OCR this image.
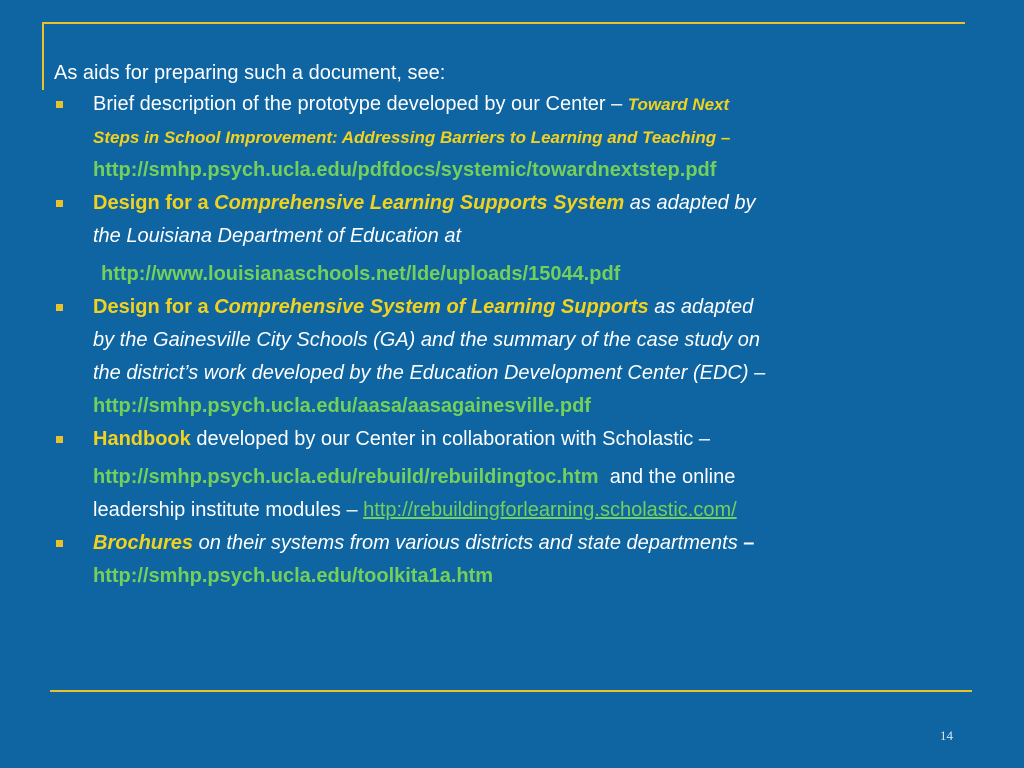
As aids for preparing such a document, see:

Brief description of the prototype developed by our Center – Toward Next
Steps in School Improvement: Addressing Barriers to Learning and Teaching –
http://smhp.psych.ucla.edu/pdfdocs/systemic/towardnextstep.pdf
Design for a Comprehensive Learning Supports System as adapted by
the Louisiana Department of Education at
http://www.louisianaschools.net/lde/uploads/15044.pdf
Design for a Comprehensive System of Learning Supports as adapted
by the Gainesville City Schools (GA) and the summary of the case study on
the district’s work developed by the Education Development Center (EDC) –
http://smhp.psych.ucla.edu/aasa/aasagainesville.pdf
Handbook developed by our Center in collaboration with Scholastic –
http://smhp.psych.ucla.edu/rebuild/rebuildingtoc.htm  and the online
leadership institute modules – http://rebuildingforlearning.scholastic.com/
Brochures on their systems from various districts and state departments –
http://smhp.psych.ucla.edu/toolkita1a.htm
14
